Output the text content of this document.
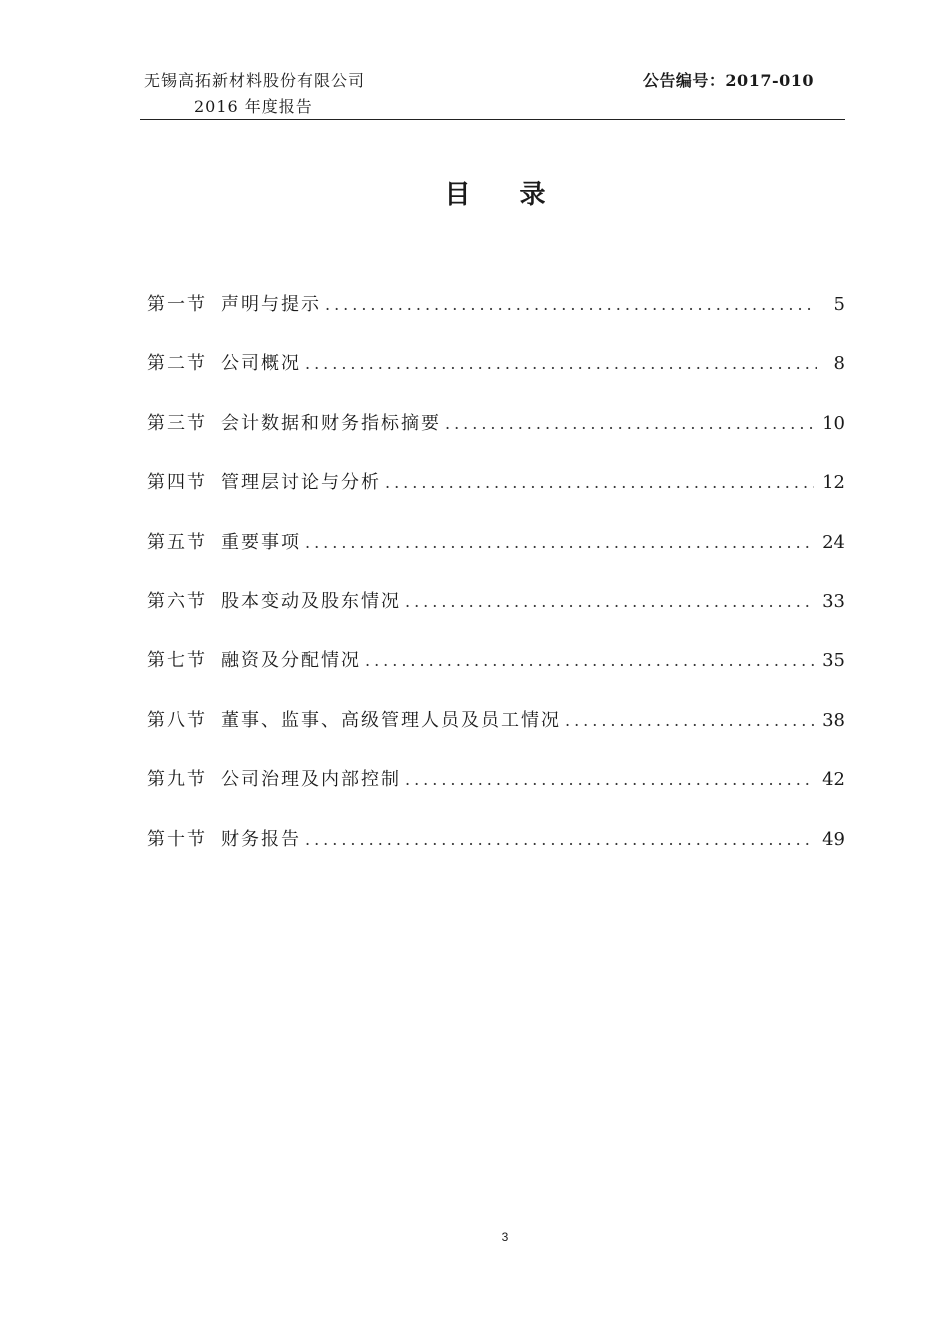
无锡高拓新材料股份有限公司
2016 年度报告
公告编号：2017-010
目 录
第一节 声明与提示 .....	5
第二节 公司概况 .....	8
第三节 会计数据和财务指标摘要 .....	10
第四节 管理层讨论与分析 .....	12
第五节 重要事项 .....	24
第六节 股本变动及股东情况 .....	33
第七节 融资及分配情况 .....	35
第八节 董事、监事、高级管理人员及员工情况 .....	38
第九节 公司治理及内部控制 .....	42
第十节 财务报告 .....	49
3
